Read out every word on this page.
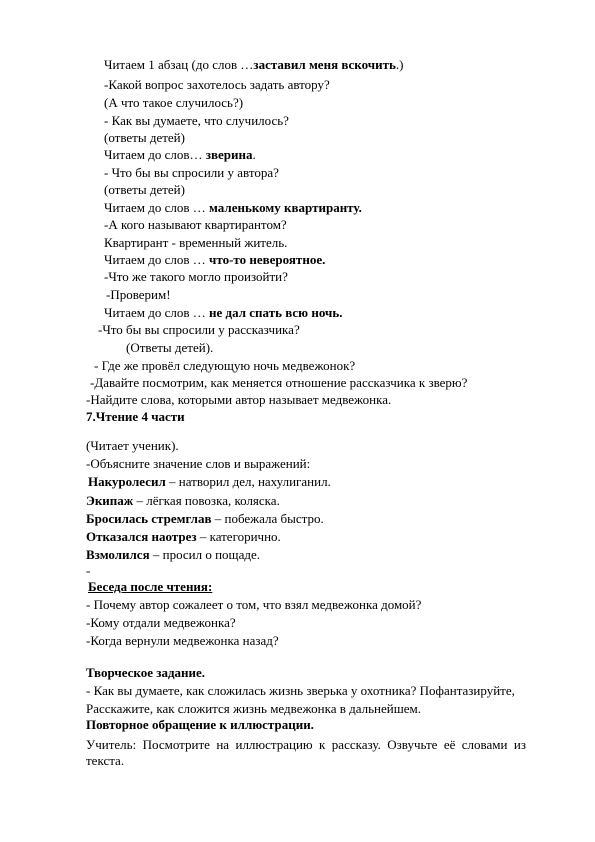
Читаем 1 абзац (до слов …заставил меня вскочить.)
-Какой вопрос захотелось задать автору?
(А что такое случилось?)
- Как вы думаете, что случилось?
(ответы детей)
Читаем до слов… зверина.
- Что бы вы спросили у автора?
(ответы детей)
Читаем до слов … маленькому квартиранту.
-А кого называют квартирантом?
Квартирант - временный житель.
Читаем до слов … что-то невероятное.
-Что же такого могло произойти?
-Проверим!
Читаем до слов … не дал спать всю ночь.
-Что бы вы спросили у рассказчика?
(Ответы детей).
- Где же провёл следующую ночь медвежонок?
-Давайте посмотрим, как меняется отношение рассказчика к зверю?
-Найдите слова, которыми автор называет медвежонка.
7.Чтение 4 части
(Читает ученик).
-Объясните значение слов и выражений:
Накуролесил – натворил дел, нахулиганил.
Экипаж – лёгкая повозка, коляска.
Бросилась стремглав – побежала быстро.
Отказался наотрез – категорично.
Взмолился – просил о пощаде.
-
Беседа после чтения:
- Почему автор сожалеет о том, что взял медвежонка домой?
-Кому отдали медвежонка?
-Когда вернули медвежонка назад?
Творческое задание.
- Как вы думаете, как сложилась жизнь зверька у охотника? Пофантазируйте,
Расскажите, как сложится жизнь медвежонка в дальнейшем.
Повторное обращение к иллюстрации.
Учитель: Посмотрите на иллюстрацию к рассказу. Озвучьте её словами из
текста.
